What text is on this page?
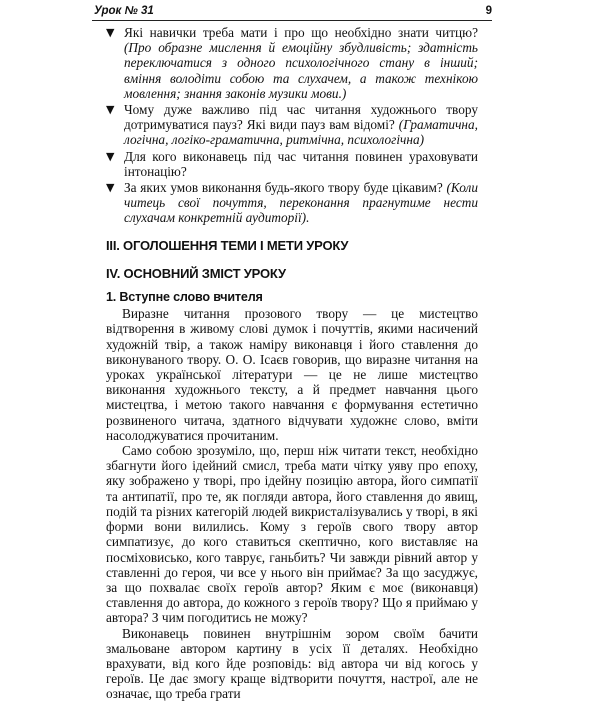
Урок № 31	9

▼ Які навички треба мати і про що необхідно знати читцю? (Про образне мислення й емоційну збудливість; здатність переключатися з одного психологічного стану в інший; вміння володіти собою та слухачем, а також технікою мовлення; знання законів музики мови.)

▼ Чому дуже важливо під час читання художнього твору дотримуватися пауз? Які види пауз вам відомі? (Граматична, логічна, логіко-граматична, ритмічна, психологічна)

▼ Для кого виконавець під час читання повинен ураховувати інтонацію?

▼ За яких умов виконання будь-якого твору буде цікавим? (Коли читець свої почуття, переконання прагнутиме нести слухачам конкретній аудиторії).

III. ОГОЛОШЕННЯ ТЕМИ І МЕТИ УРОКУ
IV. ОСНОВНИЙ ЗМІСТ УРОКУ
1. Вступне слово вчителя

Виразне читання прозового твору — це мистецтво відтворення в живому слові думок і почуттів, якими насичений художній твір, а також наміру виконавця і його ставлення до виконуваного твору. О. О. Ісаєв говорив, що виразне читання на уроках української літератури — це не лише мистецтво виконання художнього тексту, а й предмет навчання цього мистецтва, і метою такого навчання є формування естетично розвиненого читача, здатного відчувати художнє слово, вміти насолоджуватися прочитаним.

Само собою зрозуміло, що, перш ніж читати текст, необхідно збагнути його ідейний смисл, треба мати чітку уяву про епоху, яку зображено у творі, про ідейну позицію автора, його симпатії та антипатії, про те, як погляди автора, його ставлення до явищ, подій та різних категорій людей викристалізувались у творі, в які форми вони вилились. Кому з героїв свого твору автор симпатизує, до кого ставиться скептично, кого виставляє на посміховисько, кого таврує, ганьбить? Чи завжди рівний автор у ставленні до героя, чи все у нього він приймає? За що засуджує, за що похвалає своїх героїв автор? Яким є моє (виконавця) ставлення до автора, до кожного з героїв твору? Що я приймаю у автора? З чим погодитись не можу?

Виконавець повинен внутрішнім зором своїм бачити змальоване автором картину в усіх її деталях. Необхідно врахувати, від кого йде розповідь: від автора чи від когось у героїв. Це дає змогу краще відтворити почуття, настрої, але не означає, що треба грати
